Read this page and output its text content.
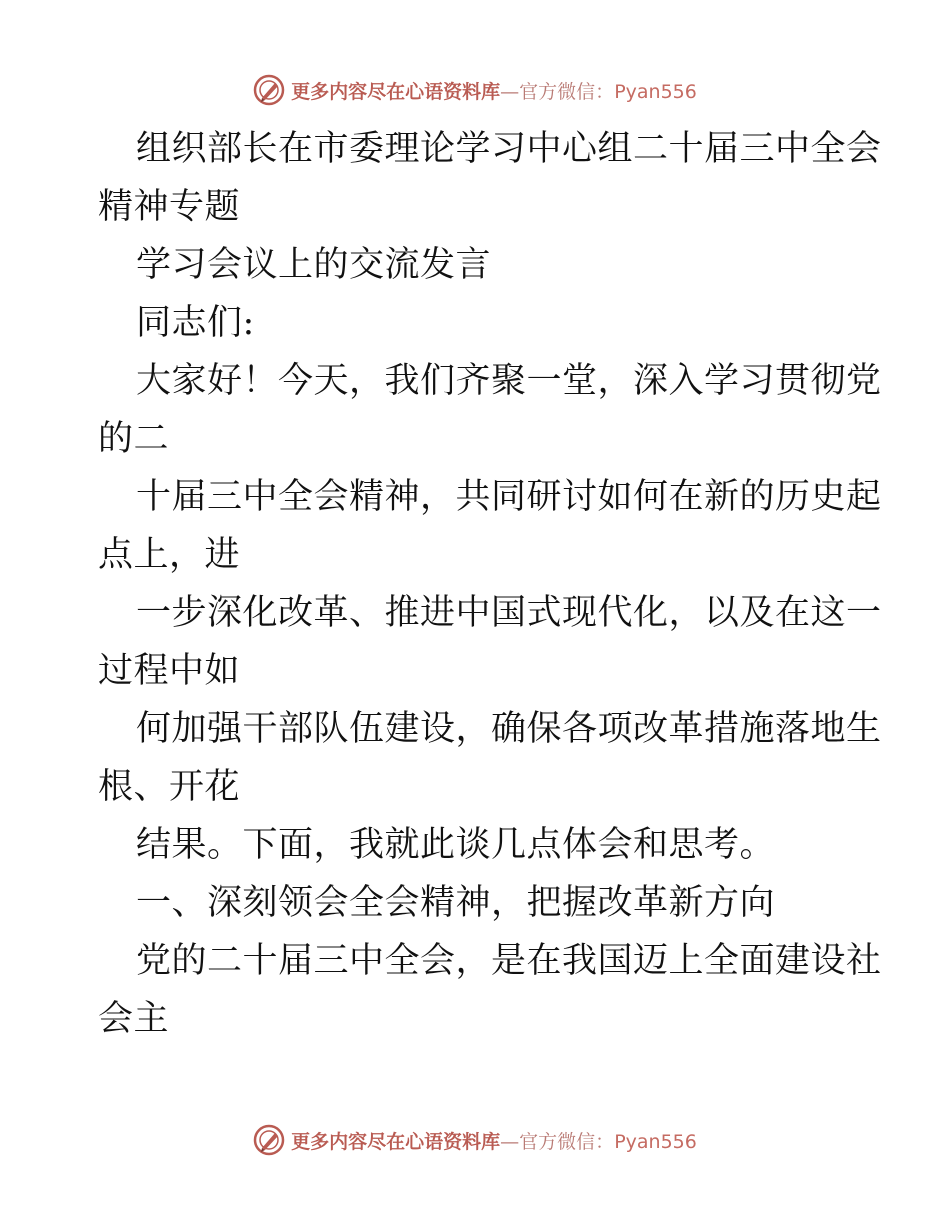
更多内容尽在心语资料库—官方微信：Pyan556
组织部长在市委理论学习中心组二十届三中全会
精神专题
学习会议上的交流发言
同志们:
大家好！今天，我们齐聚一堂，深入学习贯彻党
的二
十届三中全会精神，共同研讨如何在新的历史起
点上，进
一步深化改革、推进中国式现代化，以及在这一
过程中如
何加强干部队伍建设，确保各项改革措施落地生
根、开花
结果。下面，我就此谈几点体会和思考。
一、深刻领会全会精神，把握改革新方向
党的二十届三中全会，是在我国迈上全面建设社
会主
更多内容尽在心语资料库—官方微信：Pyan556
